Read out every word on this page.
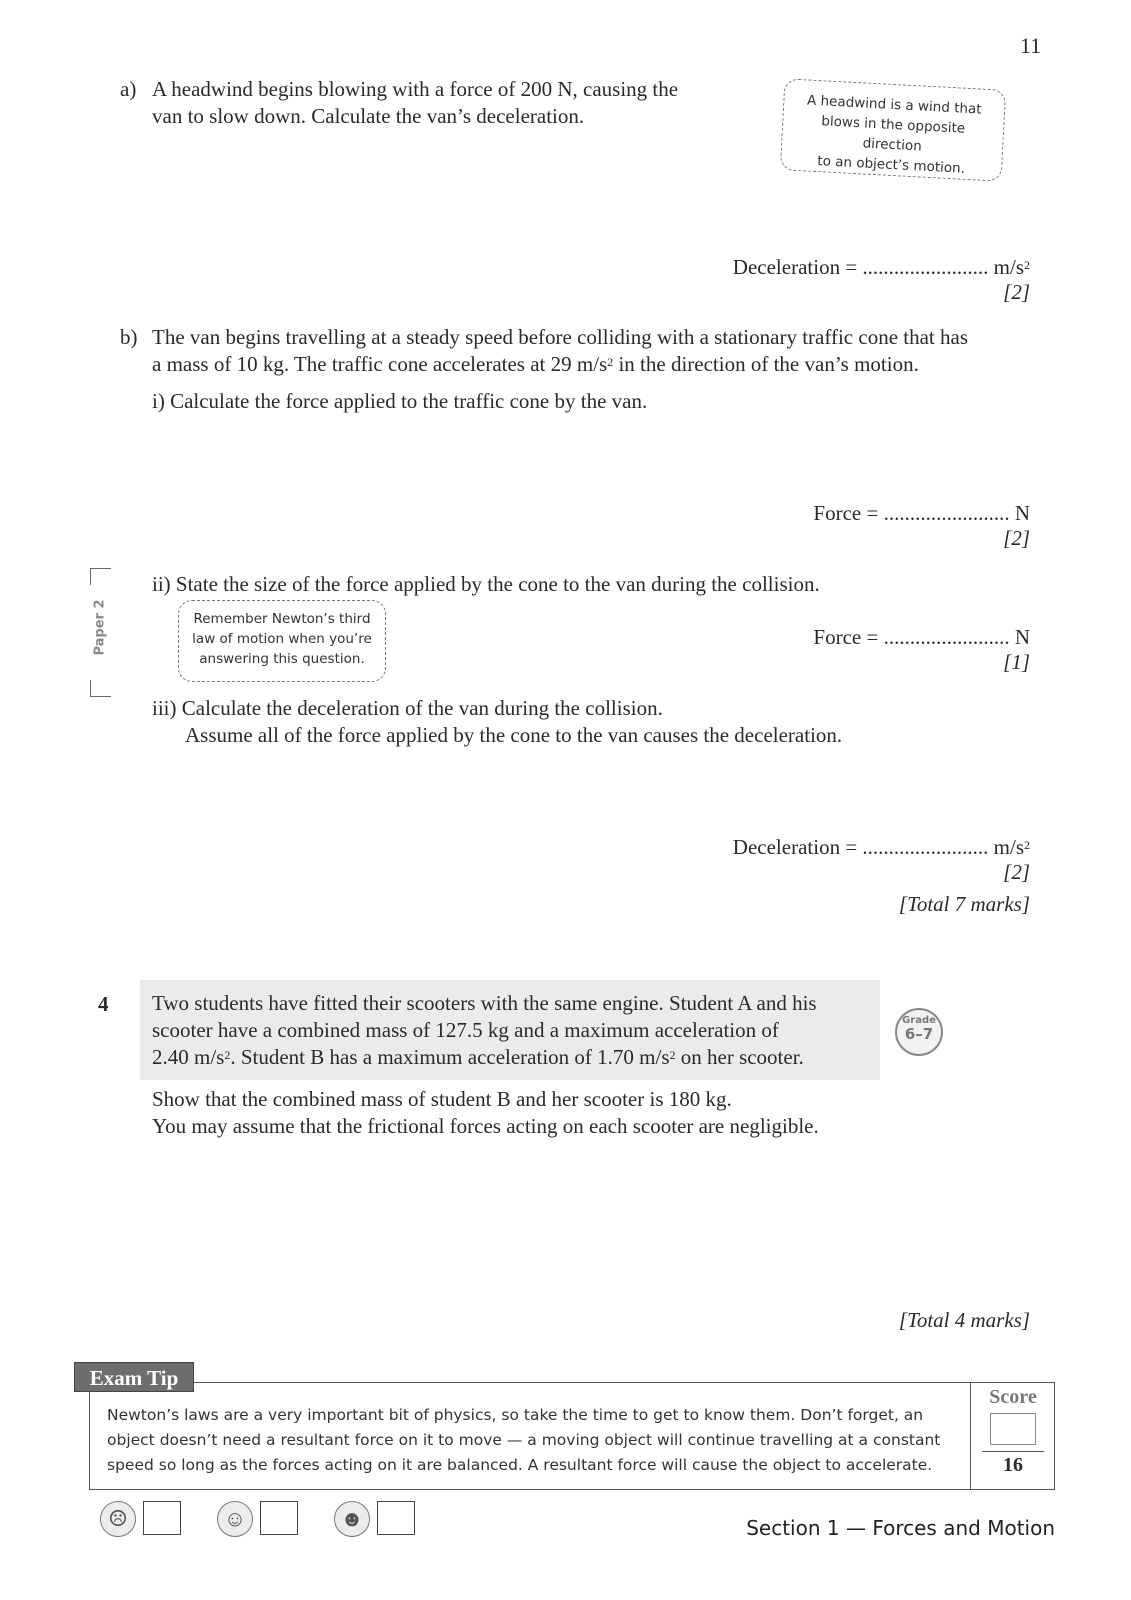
11
a) A headwind begins blowing with a force of 200 N, causing the
van to slow down. Calculate the van’s deceleration.	A headwind is a wind that
blows in the opposite direction
to an object’s motion.
Deceleration = ........................ $m/s^2$
[2]
b) The van begins travelling at a steady speed before colliding with a stationary traffic cone that has
a mass of 10 kg. The traffic cone accelerates at 29 $m/s^2$ in the direction of the van’s motion.
i) Calculate the force applied to the traffic cone by the van.
Force = ........................ N
[2]
Paper 2
ii) State the size of the force applied by the cone to the van during the collision.
Remember Newton’s third
law of motion when you’re
answering this question.
Force = ........................ N
[1]
iii) Calculate the deceleration of the van during the collision.
Assume all of the force applied by the cone to the van causes the deceleration.
Deceleration = ........................ $m/s^2$
[2]
[Total 7 marks]
4 Two students have fitted their scooters with the same engine. Student A and his
scooter have a combined mass of 127.5 kg and a maximum acceleration of
2.40 $m/s^2$. Student B has a maximum acceleration of 1.70 $m/s^2$ on her scooter.
Grade
6–7
Show that the combined mass of student B and her scooter is 180 kg.
You may assume that the frictional forces acting on each scooter are negligible.
[Total 4 marks]
Exam Tip
Newton’s laws are a very important bit of physics, so take the time to get to know them. Don’t forget, an
object doesn’t need a resultant force on it to move — a moving object will continue travelling at a constant
speed so long as the forces acting on it are balanced. A resultant force will cause the object to accelerate.
Score
16
☹	☺	☻	Section 1 — Forces and Motion
